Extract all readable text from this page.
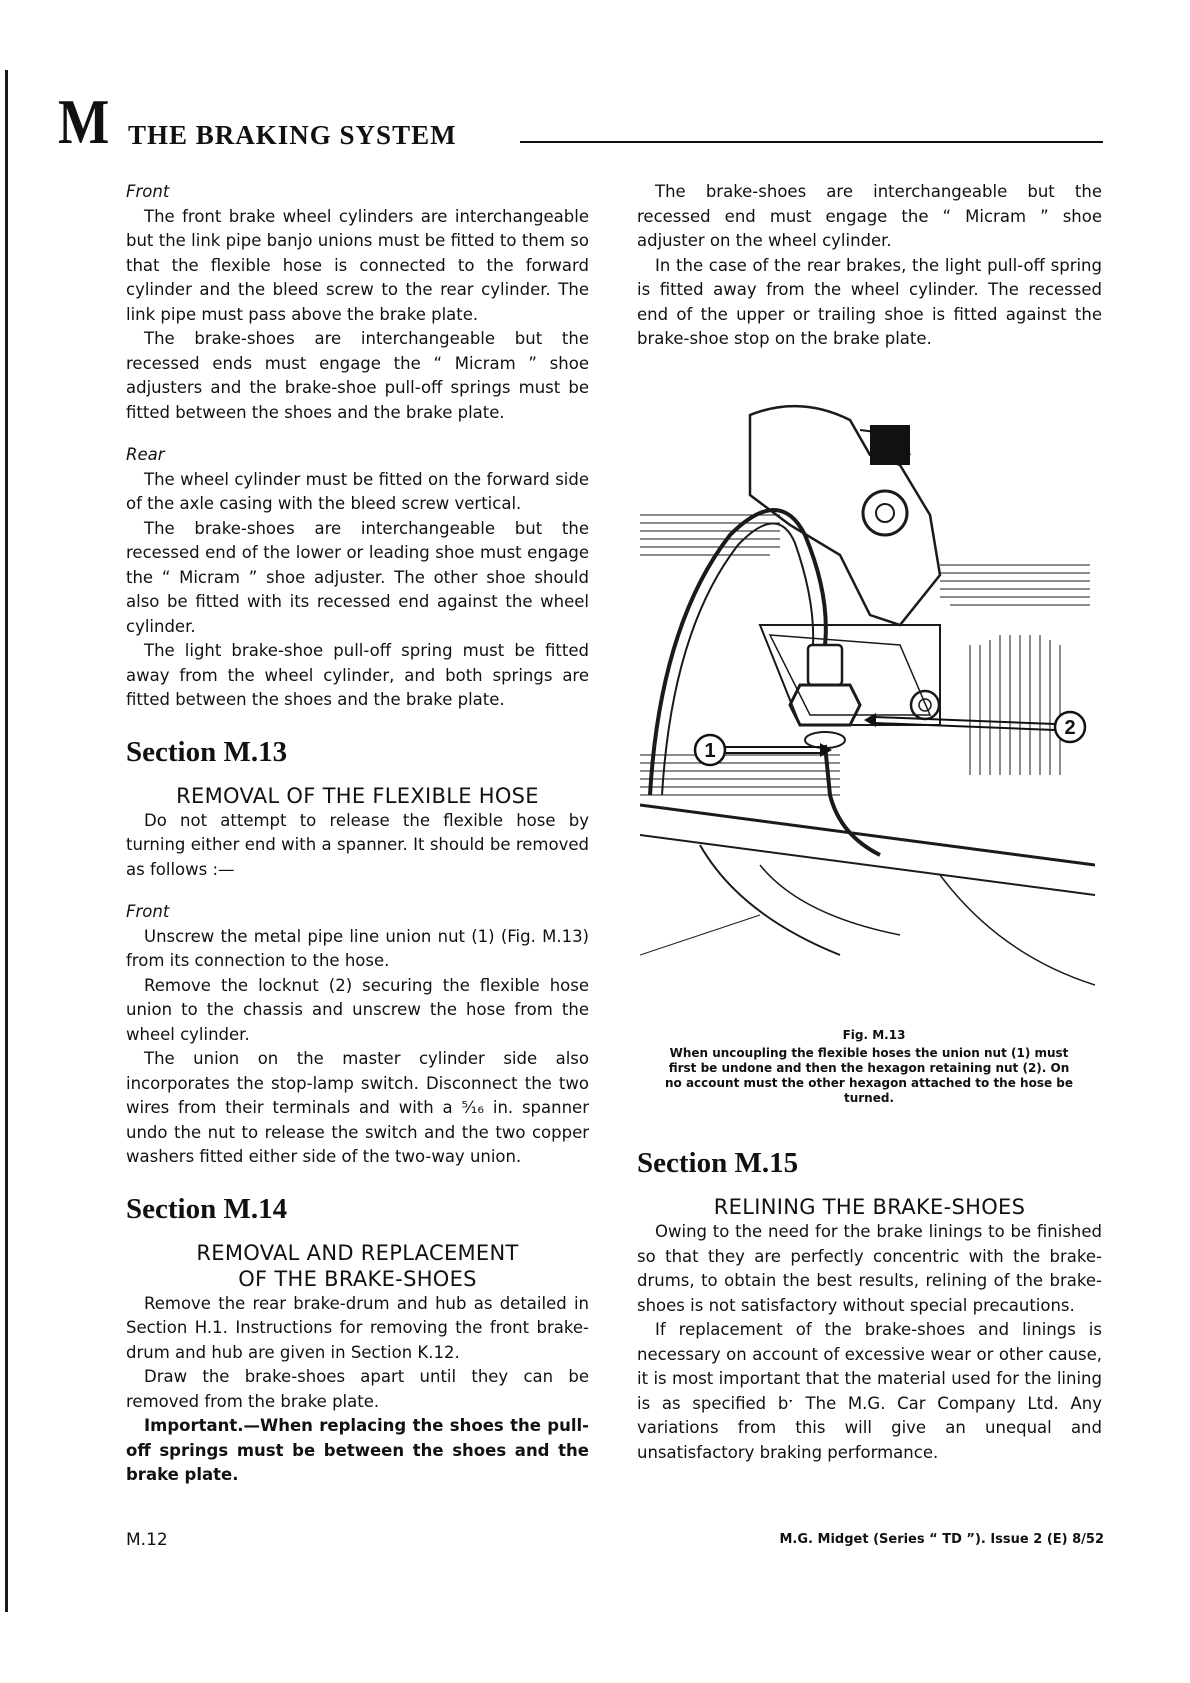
M THE BRAKING SYSTEM

Front

The front brake wheel cylinders are interchangeable but the link pipe banjo unions must be fitted to them so that the flexible hose is connected to the forward cylinder and the bleed screw to the rear cylinder. The link pipe must pass above the brake plate.

The brake-shoes are interchangeable but the recessed ends must engage the “ Micram ” shoe adjusters and the brake-shoe pull-off springs must be fitted between the shoes and the brake plate.

Rear

The wheel cylinder must be fitted on the forward side of the axle casing with the bleed screw vertical.

The brake-shoes are interchangeable but the recessed end of the lower or leading shoe must engage the “ Micram ” shoe adjuster. The other shoe should also be fitted with its recessed end against the wheel cylinder.

The light brake-shoe pull-off spring must be fitted away from the wheel cylinder, and both springs are fitted between the shoes and the brake plate.

Section M.13

REMOVAL OF THE FLEXIBLE HOSE

Do not attempt to release the flexible hose by turning either end with a spanner. It should be removed as follows :—

Front

Unscrew the metal pipe line union nut (1) (Fig. M.13) from its connection to the hose.

Remove the locknut (2) securing the flexible hose union to the chassis and unscrew the hose from the wheel cylinder.

The union on the master cylinder side also incorporates the stop-lamp switch. Disconnect the two wires from their terminals and with a ⁵⁄₁₆ in. spanner undo the nut to release the switch and the two copper washers fitted either side of the two-way union.

Section M.14

REMOVAL AND REPLACEMENT

OF THE BRAKE-SHOES

Remove the rear brake-drum and hub as detailed in Section H.1. Instructions for removing the front brake-drum and hub are given in Section K.12.

Draw the brake-shoes apart until they can be removed from the brake plate.

Important.—When replacing the shoes the pull-off springs must be between the shoes and the brake plate.

The brake-shoes are interchangeable but the recessed end must engage the “ Micram ” shoe adjuster on the wheel cylinder.

In the case of the rear brakes, the light pull-off spring is fitted away from the wheel cylinder. The recessed end of the upper or trailing shoe is fitted against the brake-shoe stop on the brake plate.

1
2
Fig. M.13
When uncoupling the flexible hoses the union nut (1) must first be undone and then the hexagon retaining nut (2). On no account must the other hexagon attached to the hose be turned.

Section M.15

RELINING THE BRAKE-SHOES

Owing to the need for the brake linings to be finished so that they are perfectly concentric with the brake-drums, to obtain the best results, relining of the brake-shoes is not satisfactory without special precautions.

If replacement of the brake-shoes and linings is necessary on account of excessive wear or other cause, it is most important that the material used for the lining is as specified bˑ The M.G. Car Company Ltd. Any variations from this will give an unequal and unsatisfactory braking performance.

M.12	M.G. Midget (Series “ TD ”). Issue 2 (E) 8/52
